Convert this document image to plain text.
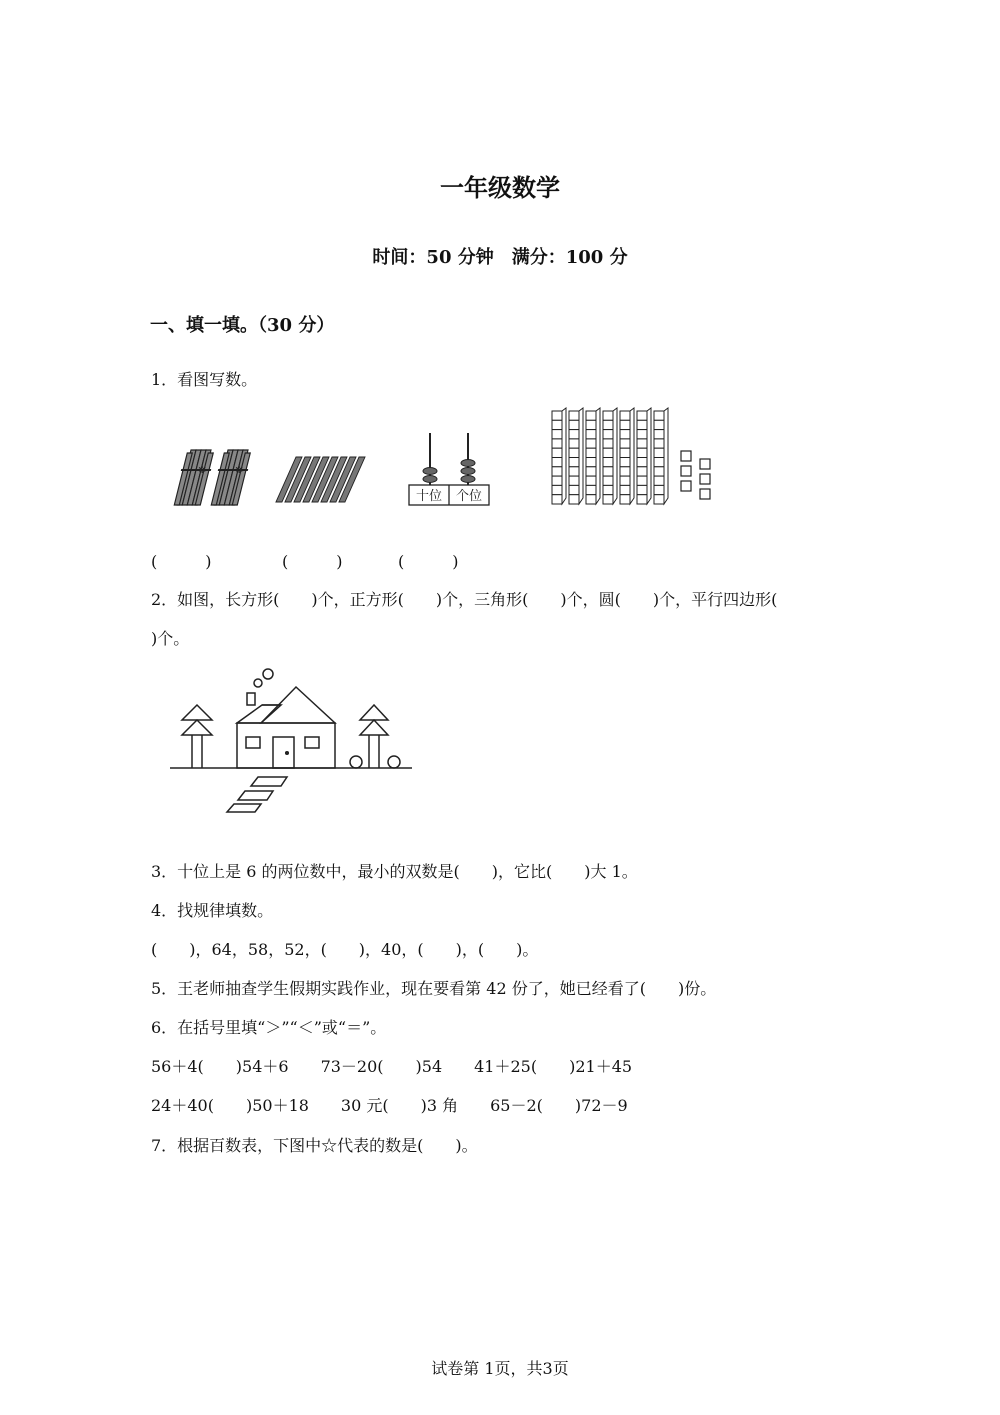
一年级数学
时间：50 分钟　满分：100 分
一、填一填。（30 分）
1．看图写数。
✲	✲
十位 个位
(　　　)	(　　　)	(　　　)
2．如图，长方形(　　)个，正方形(　　)个，三角形(　　)个，圆(　　)个，平行四边形(
)个。
3．十位上是 6 的两位数中，最小的双数是(　　)，它比(　　)大 1。
4．找规律填数。
(　　)，64，58，52，(　　)，40，(　　)，(　　)。
5．王老师抽查学生假期实践作业，现在要看第 42 份了，她已经看了(　　)份。
6．在括号里填“＞”“＜”或“＝”。
56＋4(　　)54＋6　　73－20(　　)54　　41＋25(　　)21＋45
24＋40(　　)50＋18　　30 元(　　)3 角　　65－2(　　)72－9
7．根据百数表，下图中☆代表的数是(　　)。
试卷第 1页，共3页
